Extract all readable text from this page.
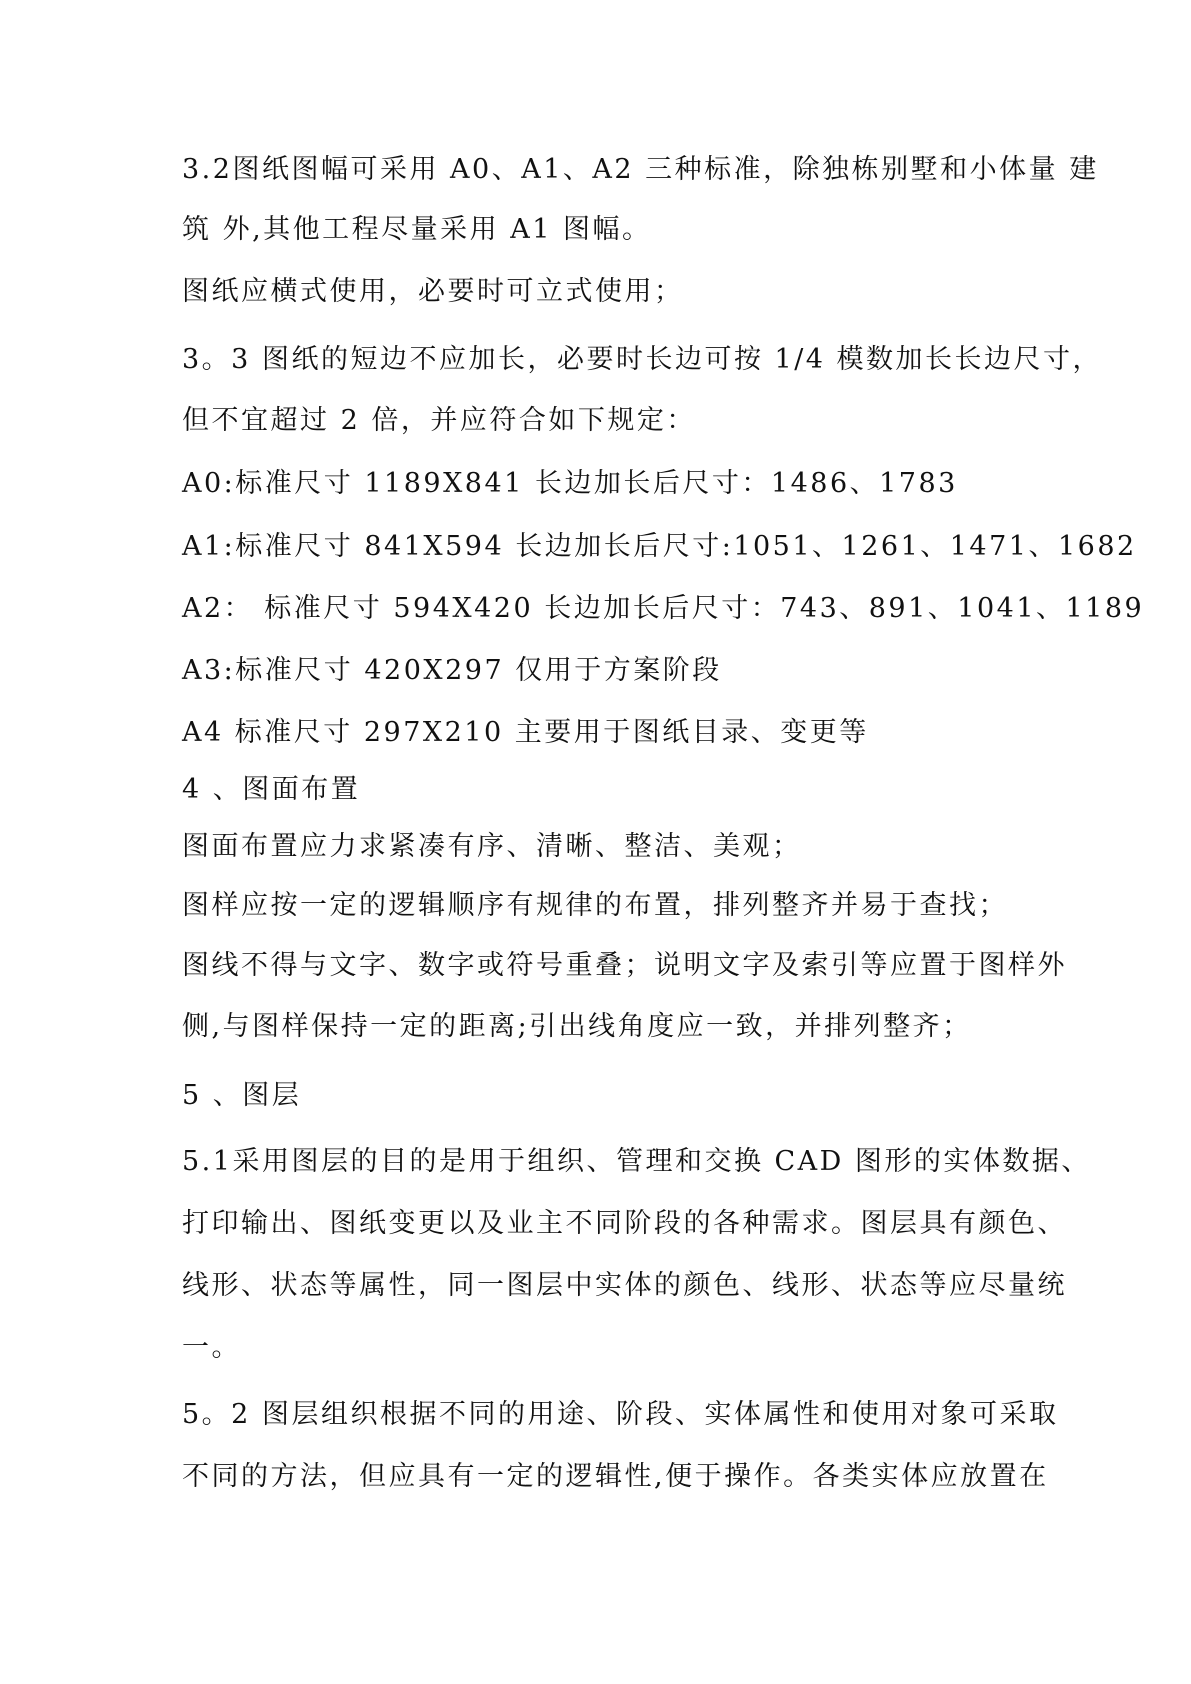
3.2图纸图幅可采用 A0、A1、A2 三种标准，除独栋别墅和小体量 建
筑 外,其他工程尽量采用 A1 图幅。
图纸应横式使用，必要时可立式使用；
3。3 图纸的短边不应加长，必要时长边可按 1/4 模数加长长边尺寸，
但不宜超过 2 倍，并应符合如下规定：
A0:标准尺寸 1189X841 长边加长后尺寸：1486、1783
A1:标准尺寸 841X594 长边加长后尺寸:1051、1261、1471、1682
A2： 标准尺寸 594X420 长边加长后尺寸：743、891、1041、1189
A3:标准尺寸 420X297 仅用于方案阶段
A4 标准尺寸 297X210 主要用于图纸目录、变更等
4 、图面布置
图面布置应力求紧凑有序、清晰、整洁、美观；
图样应按一定的逻辑顺序有规律的布置，排列整齐并易于查找；
图线不得与文字、数字或符号重叠；说明文字及索引等应置于图样外
侧,与图样保持一定的距离;引出线角度应一致，并排列整齐；
5 、图层
5.1采用图层的目的是用于组织、管理和交换 CAD 图形的实体数据、
打印输出、图纸变更以及业主不同阶段的各种需求。图层具有颜色、
线形、状态等属性，同一图层中实体的颜色、线形、状态等应尽量统
一。
5。2 图层组织根据不同的用途、阶段、实体属性和使用对象可采取
不同的方法，但应具有一定的逻辑性,便于操作。各类实体应放置在
